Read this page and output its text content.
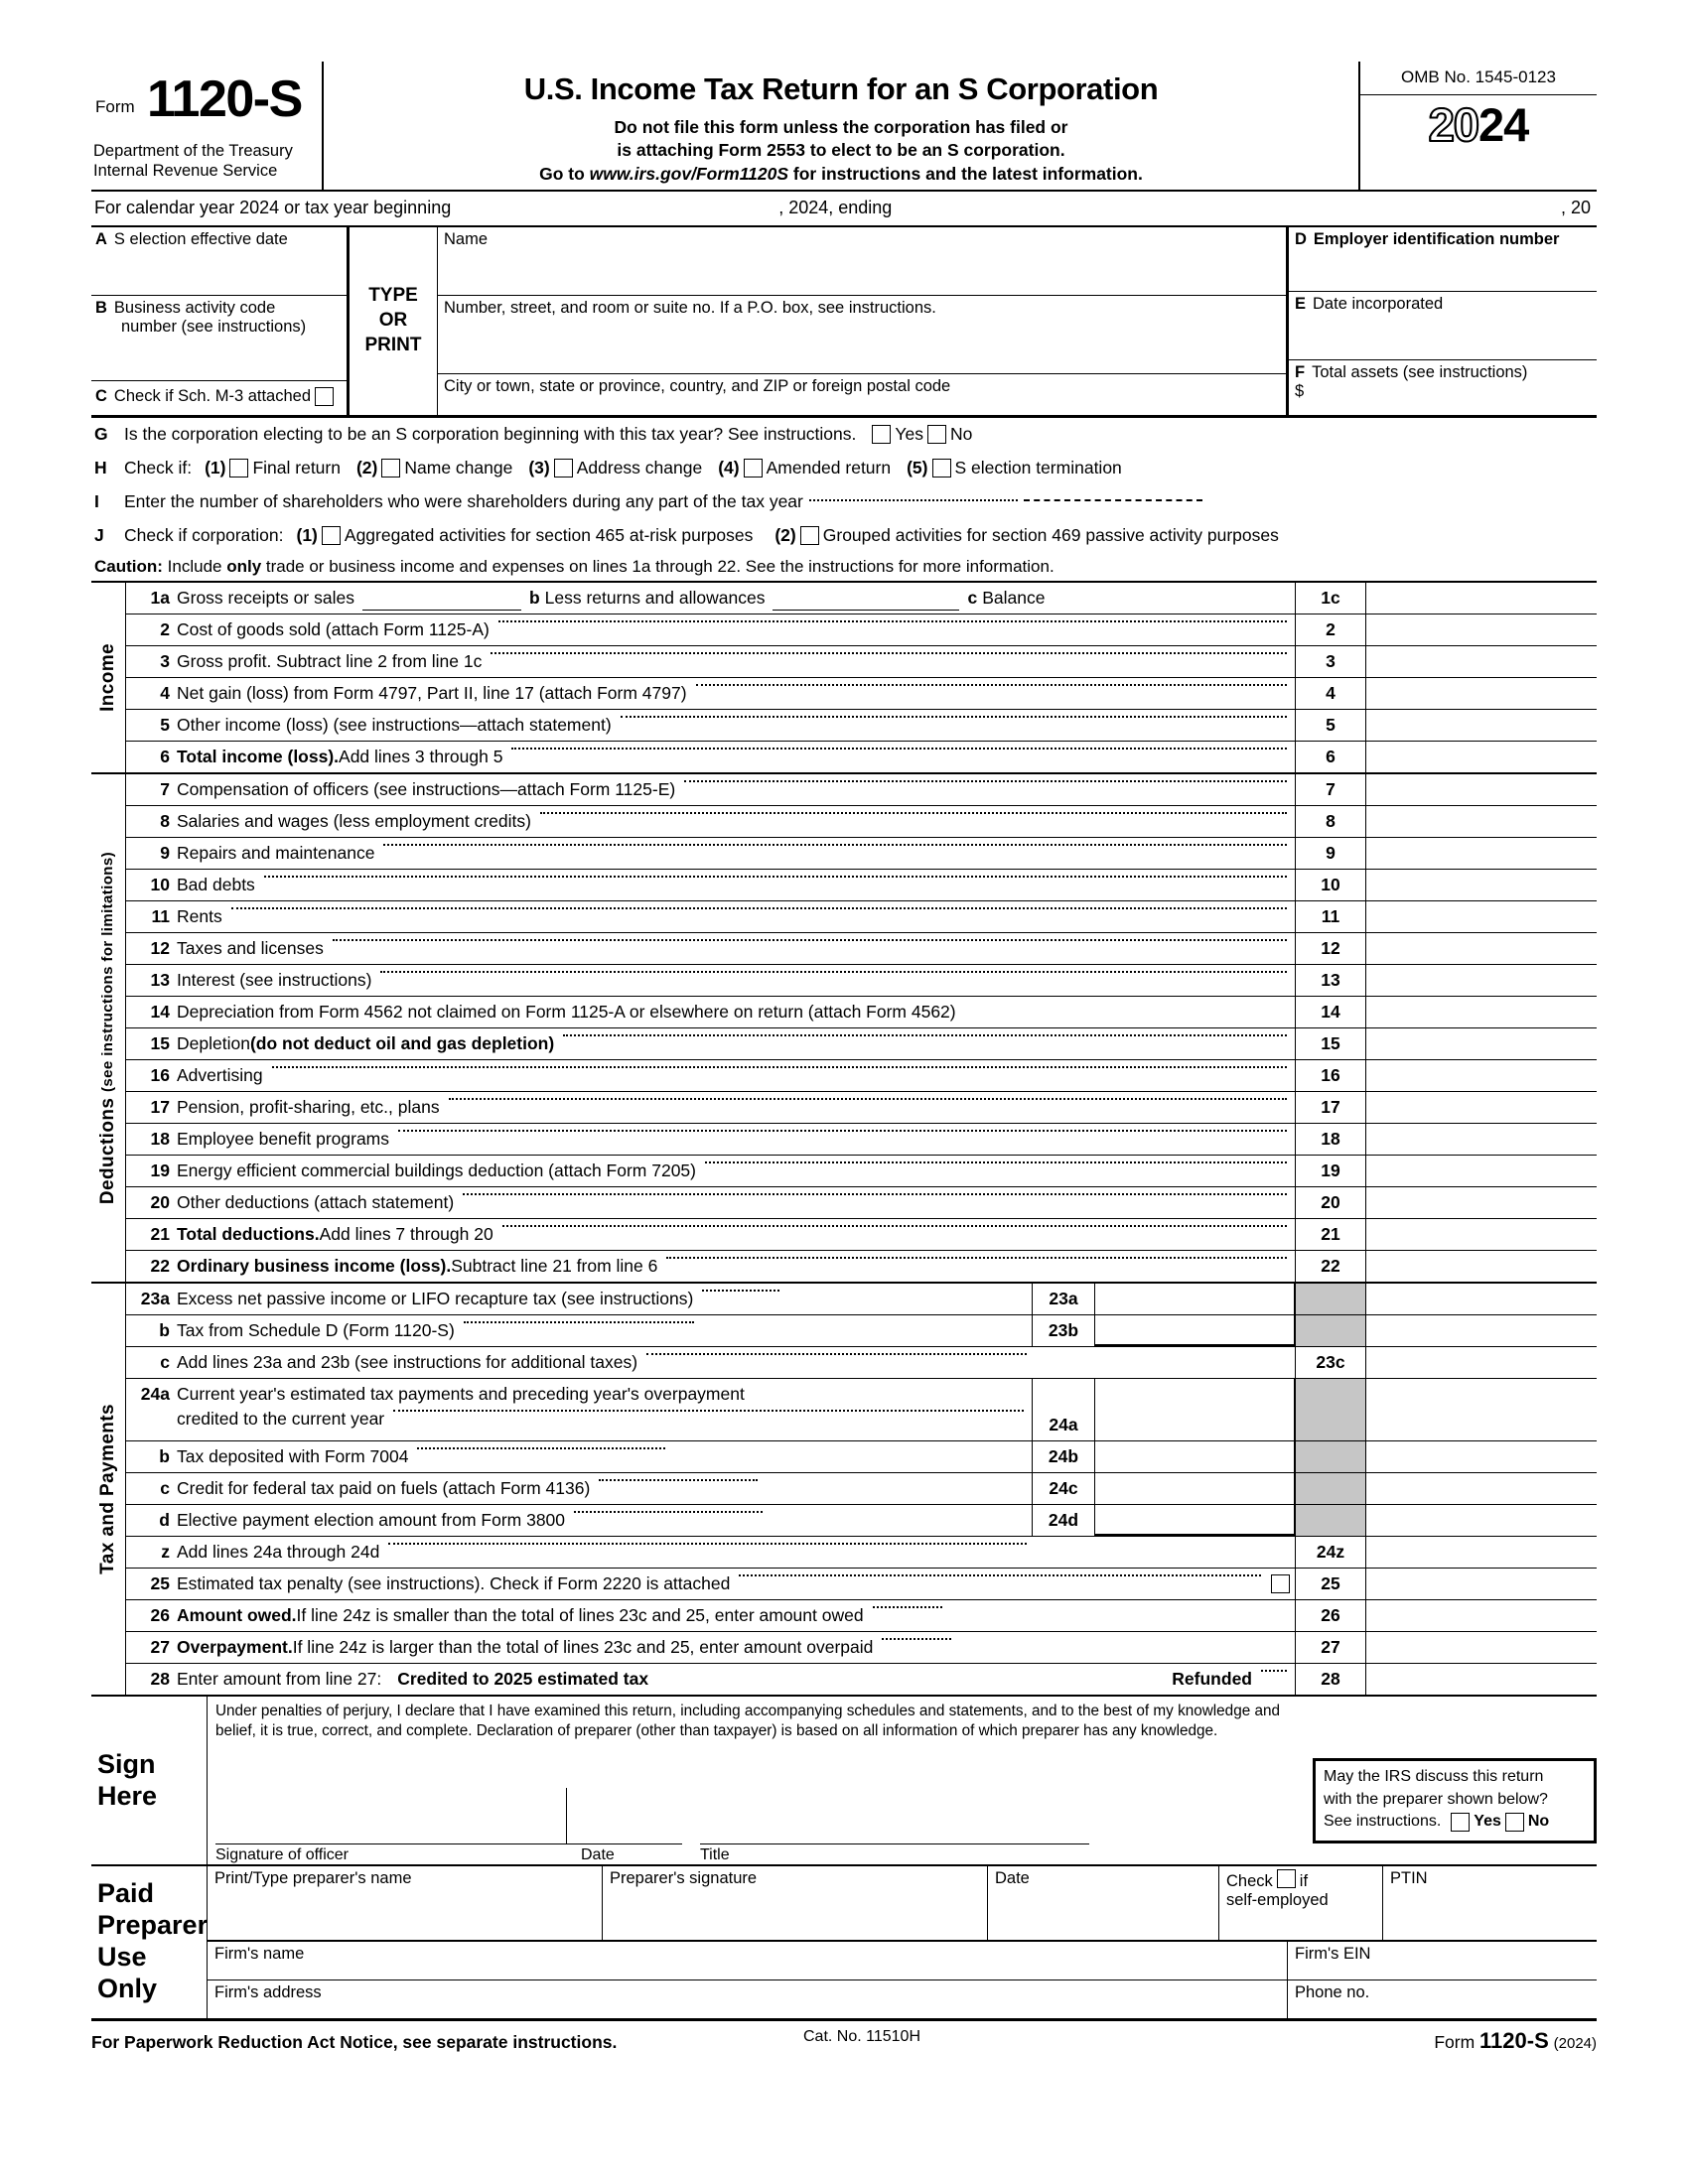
Form 1120-S
Department of the Treasury
Internal Revenue Service
U.S. Income Tax Return for an S Corporation
Do not file this form unless the corporation has filed or
is attaching Form 2553 to elect to be an S corporation.
Go to www.irs.gov/Form1120S for instructions and the latest information.
OMB No. 1545-0123
2024
For calendar year 2024 or tax year beginning	, 2024, ending	, 20
A S election effective date
B Business activity code
number (see instructions)
C Check if Sch. M-3 attached
TYPE
OR
PRINT
Name
Number, street, and room or suite no. If a P.O. box, see instructions.
City or town, state or province, country, and ZIP or foreign postal code
D Employer identification number
E Date incorporated
F Total assets (see instructions)
$
G Is the corporation electing to be an S corporation beginning with this tax year? See instructions. Yes No
H Check if: (1) Final return (2) Name change (3) Address change (4) Amended return (5) S election termination
I	Enter the number of shareholders who were shareholders during any part of the tax year
J	Check if corporation: (1) Aggregated activities for section 465 at-risk purposes (2) Grouped activities for section 469 passive activity purposes
Caution: Include only trade or business income and expenses on lines 1a through 22. See the instructions for more information.
Income
1a Gross receipts or sales	b Less returns and allowances	c Balance	1c
2 Cost of goods sold (attach Form 1125-A)	2
3 Gross profit. Subtract line 2 from line 1c	3
4 Net gain (loss) from Form 4797, Part II, line 17 (attach Form 4797)	4
5 Other income (loss) (see instructions—attach statement)	5
6 Total income (loss). Add lines 3 through 5	6
Deductions (see instructions for limitations)
7 Compensation of officers (see instructions—attach Form 1125-E)	7
8 Salaries and wages (less employment credits)	8
9 Repairs and maintenance	9
10 Bad debts	10
11 Rents	11
12 Taxes and licenses	12
13 Interest (see instructions)	13
14 Depreciation from Form 4562 not claimed on Form 1125-A or elsewhere on return (attach Form 4562)	14
15 Depletion (do not deduct oil and gas depletion)	15
16 Advertising	16
17 Pension, profit-sharing, etc., plans	17
18 Employee benefit programs	18
19 Energy efficient commercial buildings deduction (attach Form 7205)	19
20 Other deductions (attach statement)	20
21 Total deductions. Add lines 7 through 20	21
22 Ordinary business income (loss). Subtract line 21 from line 6	22
Tax and Payments
23a Excess net passive income or LIFO recapture tax (see instructions)	23a
b Tax from Schedule D (Form 1120-S)	23b
c Add lines 23a and 23b (see instructions for additional taxes)	23c
24a Current year's estimated tax payments and preceding year's overpayment
credited to the current year	24a
b Tax deposited with Form 7004	24b
c Credit for federal tax paid on fuels (attach Form 4136)	24c
d Elective payment election amount from Form 3800	24d
z Add lines 24a through 24d	24z
25 Estimated tax penalty (see instructions). Check if Form 2220 is attached	25
26 Amount owed. If line 24z is smaller than the total of lines 23c and 25, enter amount owed	26
27 Overpayment. If line 24z is larger than the total of lines 23c and 25, enter amount overpaid	27
28 Enter amount from line 27: Credited to 2025 estimated tax	Refunded	28
Sign
Here
Under penalties of perjury, I declare that I have examined this return, including accompanying schedules and statements, and to the best of my knowledge and
belief, it is true, correct, and complete. Declaration of preparer (other than taxpayer) is based on all information of which preparer has any knowledge.
Signature of officer	Date	Title
May the IRS discuss this return
with the preparer shown below?
See instructions. Yes No
Paid
Preparer
Use Only
Print/Type preparer's name	Preparer's signature	Date	Check if
self-employed
PTIN
Firm's name	Firm's EIN
Firm's address	Phone no.
For Paperwork Reduction Act Notice, see separate instructions.	Cat. No. 11510H	Form 1120-S (2024)
